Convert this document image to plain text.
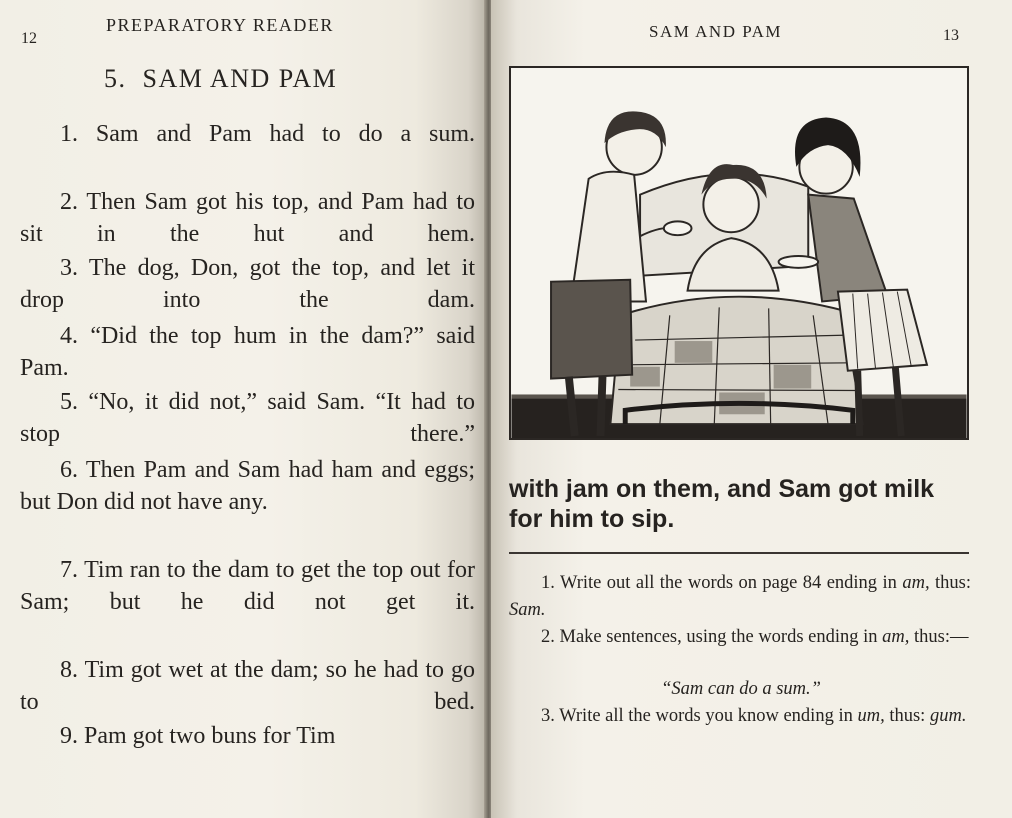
12
PREPARATORY READER
5. SAM AND PAM

1. Sam and Pam had to do a sum.

2. Then Sam got his top, and Pam had to sit in the hut and hem.

3. The dog, Don, got the top, and let it drop into the dam.

4. “Did the top hum in the dam?” said Pam.

5. “No, it did not,” said Sam. “It had to stop there.”

6. Then Pam and Sam had ham and eggs; but Don did not have any.

7. Tim ran to the dam to get the top out for Sam; but he did not get it.

8. Tim got wet at the dam; so he had to go to bed.

9. Pam got two buns for Tim

SAM AND PAM	13

with jam on them, and Sam got milk for him to sip.

1. Write out all the words on page 84 ending in am, thus: Sam.

2. Make sentences, using the words ending in am, thus:—

“Sam can do a sum.”

3. Write all the words you know ending in um, thus: gum.
